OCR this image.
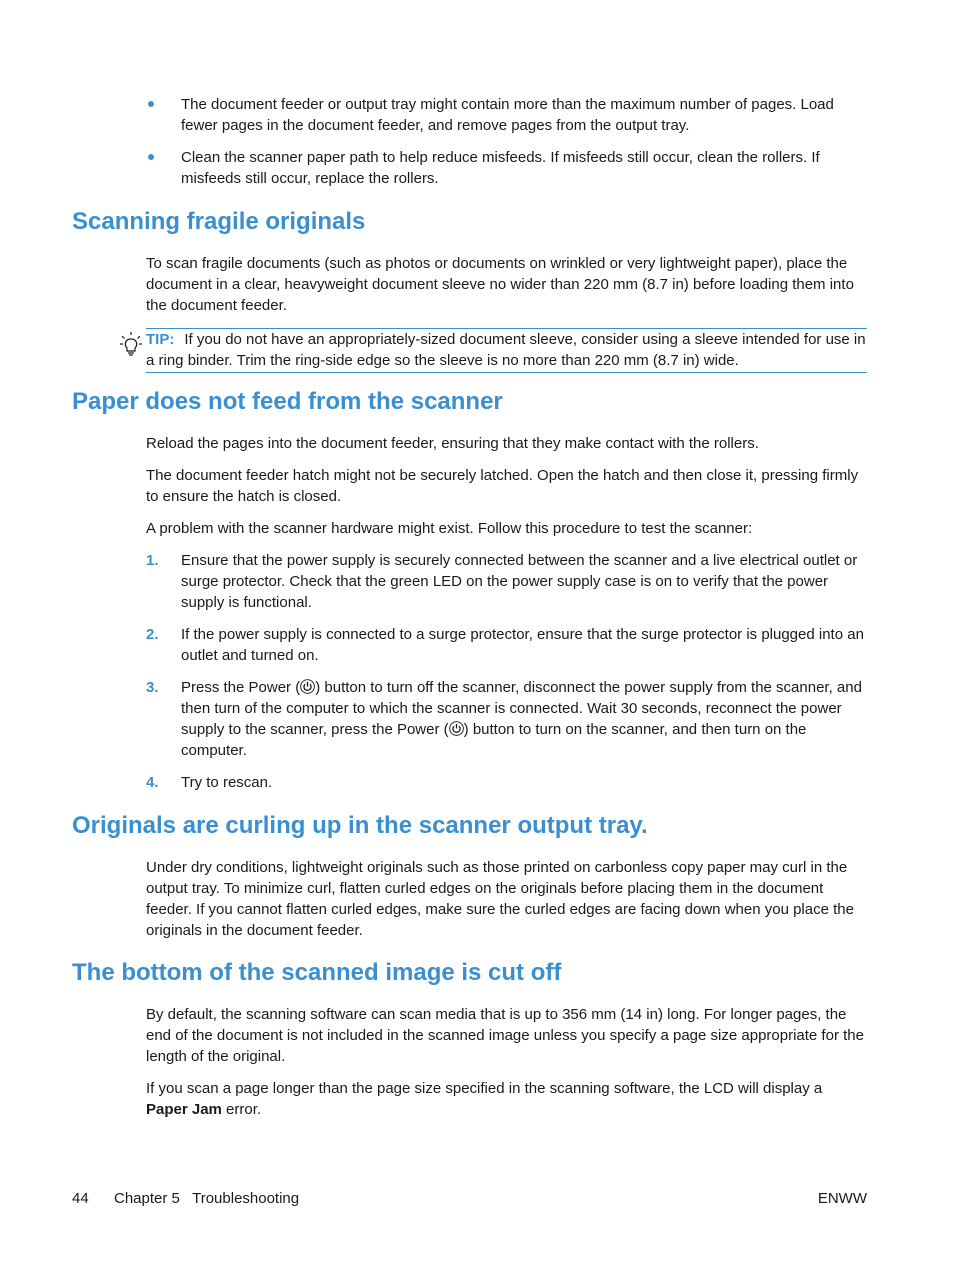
The document feeder or output tray might contain more than the maximum number of pages. Load fewer pages in the document feeder, and remove pages from the output tray.
Clean the scanner paper path to help reduce misfeeds. If misfeeds still occur, clean the rollers. If misfeeds still occur, replace the rollers.
Scanning fragile originals

To scan fragile documents (such as photos or documents on wrinkled or very lightweight paper), place the document in a clear, heavyweight document sleeve no wider than 220 mm (8.7 in) before loading them into the document feeder.

TIP: If you do not have an appropriately-sized document sleeve, consider using a sleeve intended for use in a ring binder. Trim the ring-side edge so the sleeve is no more than 220 mm (8.7 in) wide.
Paper does not feed from the scanner

Reload the pages into the document feeder, ensuring that they make contact with the rollers.

The document feeder hatch might not be securely latched. Open the hatch and then close it, pressing firmly to ensure the hatch is closed.

A problem with the scanner hardware might exist. Follow this procedure to test the scanner:

1. Ensure that the power supply is securely connected between the scanner and a live electrical outlet or surge protector. Check that the green LED on the power supply case is on to verify that the power supply is functional.
2. If the power supply is connected to a surge protector, ensure that the surge protector is plugged into an outlet and turned on.
3. Press the Power ( ) button to turn off the scanner, disconnect the power supply from the scanner, and then turn of the computer to which the scanner is connected. Wait 30 seconds, reconnect the power supply to the scanner, press the Power ( ) button to turn on the scanner, and then turn on the computer.
4. Try to rescan.
Originals are curling up in the scanner output tray.

Under dry conditions, lightweight originals such as those printed on carbonless copy paper may curl in the output tray. To minimize curl, flatten curled edges on the originals before placing them in the document feeder. If you cannot flatten curled edges, make sure the curled edges are facing down when you place the originals in the document feeder.

The bottom of the scanned image is cut off

By default, the scanning software can scan media that is up to 356 mm (14 in) long. For longer pages, the end of the document is not included in the scanned image unless you specify a page size appropriate for the length of the original.

If you scan a page longer than the page size specified in the scanning software, the LCD will display a Paper Jam error.

44 Chapter 5   Troubleshooting	ENWW
